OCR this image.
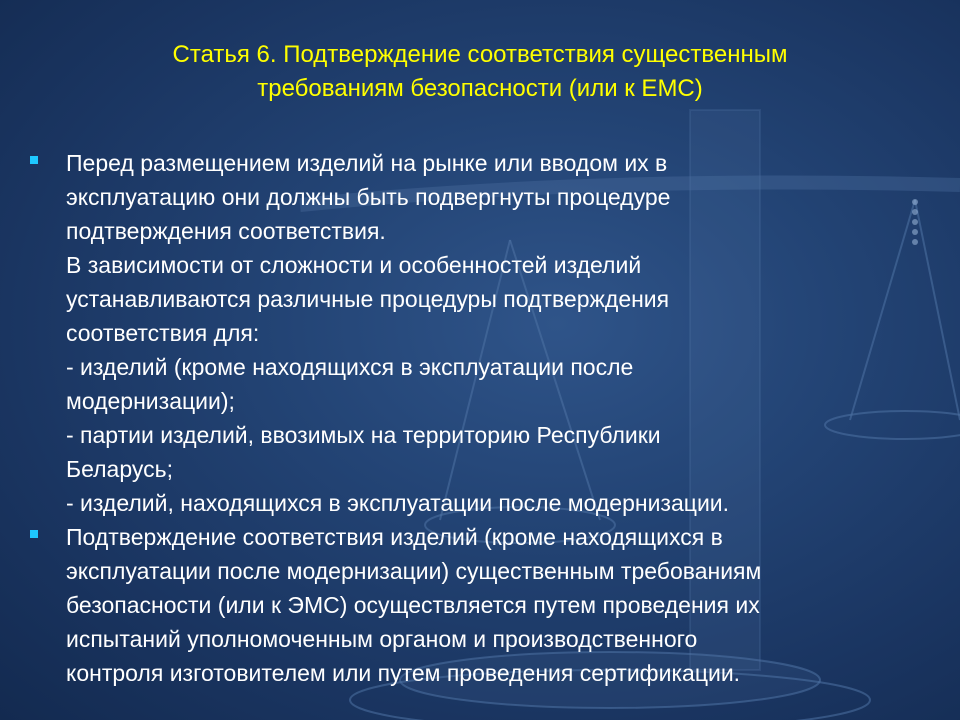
Статья 6. Подтверждение соответствия существенным
требованиям безопасности (или к ЕМС)
Перед размещением изделий на рынке или вводом их в
эксплуатацию они должны быть подвергнуты процедуре
подтверждения соответствия.
В зависимости от сложности и особенностей изделий
устанавливаются различные процедуры подтверждения
соответствия для:
- изделий (кроме находящихся в эксплуатации после
модернизации);
- партии изделий, ввозимых на территорию Республики
Беларусь;
- изделий, находящихся в эксплуатации после модернизации.
Подтверждение соответствия изделий (кроме находящихся в
эксплуатации после модернизации) существенным требованиям
безопасности (или к ЭМС) осуществляется путем проведения их
испытаний уполномоченным органом и производственного
контроля изготовителем или путем проведения сертификации.
